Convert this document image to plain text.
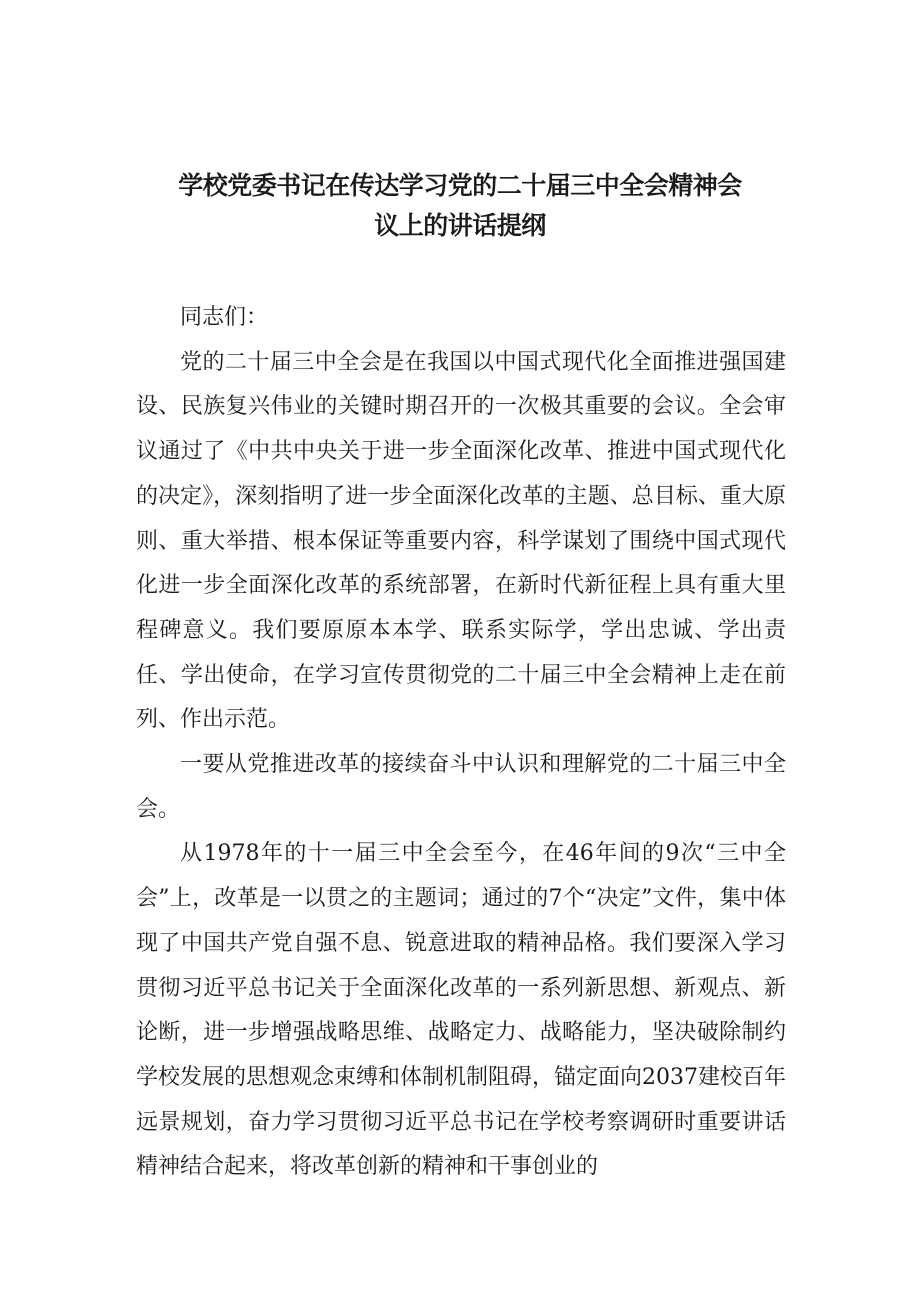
学校党委书记在传达学习党的二十届三中全会精神会
议上的讲话提纲

同志们：

党的二十届三中全会是在我国以中国式现代化全面推进强国建设、民族复兴伟业的关键时期召开的一次极其重要的会议。全会审议通过了《中共中央关于进一步全面深化改革、推进中国式现代化的决定》，深刻指明了进一步全面深化改革的主题、总目标、重大原则、重大举措、根本保证等重要内容，科学谋划了围绕中国式现代化进一步全面深化改革的系统部署，在新时代新征程上具有重大里程碑意义。我们要原原本本学、联系实际学，学出忠诚、学出责任、学出使命，在学习宣传贯彻党的二十届三中全会精神上走在前列、作出示范。

一要从党推进改革的接续奋斗中认识和理解党的二十届三中全会。

从1978年的十一届三中全会至今，在46年间的9次“三中全会”上，改革是一以贯之的主题词；通过的7个“决定”文件，集中体现了中国共产党自强不息、锐意进取的精神品格。我们要深入学习贯彻习近平总书记关于全面深化改革的一系列新思想、新观点、新论断，进一步增强战略思维、战略定力、战略能力，坚决破除制约学校发展的思想观念束缚和体制机制阻碍，锚定面向2037建校百年远景规划，奋力学习贯彻习近平总书记在学校考察调研时重要讲话精神结合起来，将改革创新的精神和干事创业的
